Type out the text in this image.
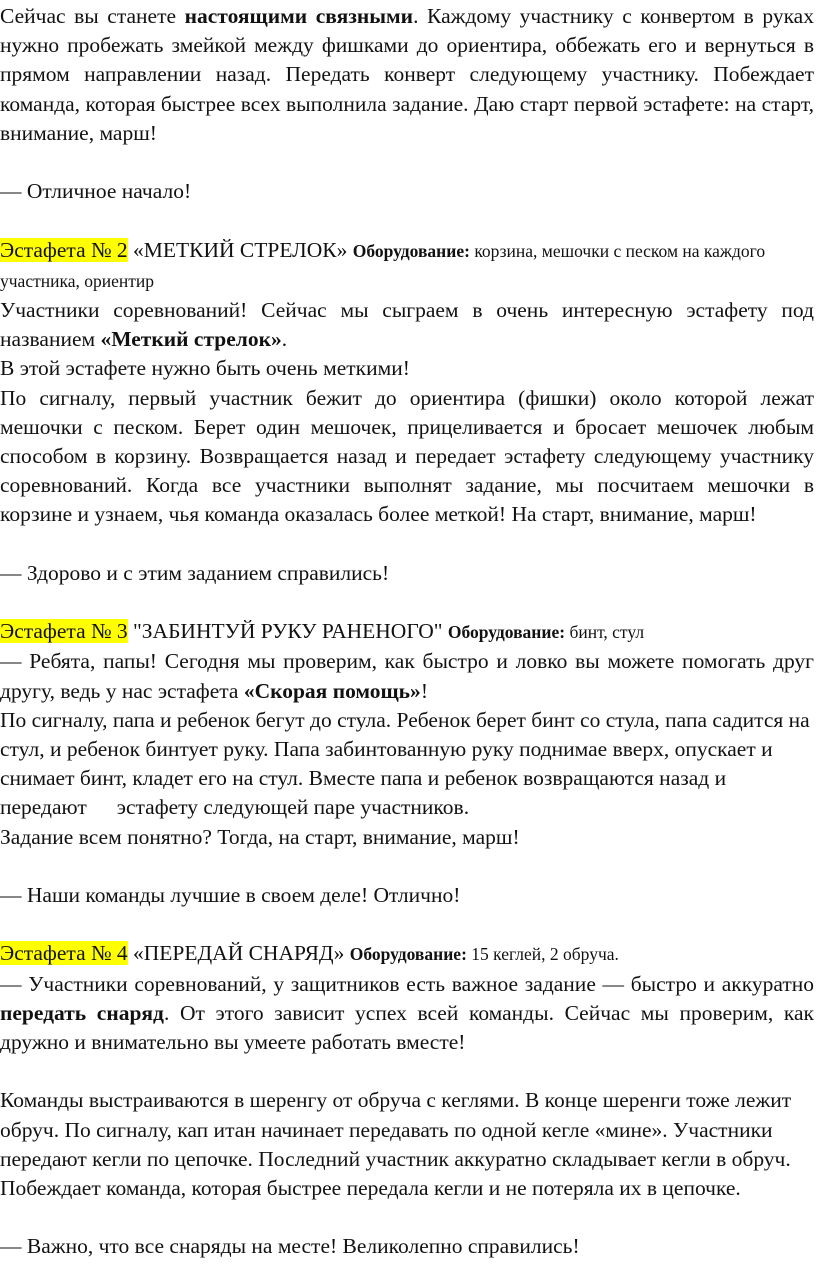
Сейчас вы станете настоящими связными. Каждому участнику с конвертом в руках нужно пробежать змейкой между фишками до ориентира, оббежать его и вернуться в прямом направлении назад. Передать конверт следующему участнику. Побеждает команда, которая быстрее всех выполнила задание. Даю старт первой эстафете: на старт, внимание, марш!

— Отличное начало!

Эстафета № 2 «МЕТКИЙ СТРЕЛОК» Оборудование: корзина, мешочки с песком на каждого участника, ориентир

Участники соревнований! Сейчас мы сыграем в очень интересную эстафету под названием «Меткий стрелок».

В этой эстафете нужно быть очень меткими!

По сигналу, первый участник бежит до ориентира (фишки) около которой лежат мешочки с песком. Берет один мешочек, прицеливается и бросает мешочек любым способом в корзину. Возвращается назад и передает эстафету следующему участнику соревнований. Когда все участники выполнят задание, мы посчитаем мешочки в корзине и узнаем, чья команда оказалась более меткой! На старт, внимание, марш!

— Здорово и с этим заданием справились!

Эстафета № 3 "ЗАБИНТУЙ РУКУ РАНЕНОГО" Оборудование: бинт, стул

— Ребята, папы! Сегодня мы проверим, как быстро и ловко вы можете помогать друг другу, ведь у нас эстафета «Скорая помощь»!

По сигналу, папа и ребенок бегут до стула. Ребенок берет бинт со стула, папа садится на стул, и ребенок бинтует руку. Папа забинтованную руку поднимае вверх, опускает и снимает бинт, кладет его на стул. Вместе папа и ребенок возвращаются назад и передают эстафету следующей паре участников.
Задание всем понятно? Тогда, на старт, внимание, марш!

— Наши команды лучшие в своем деле! Отлично!

Эстафета № 4 «ПЕРЕДАЙ СНАРЯД» Оборудование: 15 кеглей, 2 обруча.

— Участники соревнований, у защитников есть важное задание — быстро и аккуратно передать снаряд. От этого зависит успех всей команды. Сейчас мы проверим, как дружно и внимательно вы умеете работать вместе!

Команды выстраиваются в шеренгу от обруча с кеглями. В конце шеренги тоже лежит обруч. По сигналу, кап итан начинает передавать по одной кегле «мине». Участники передают кегли по цепочке. Последний участник аккуратно складывает кегли в обруч. Побеждает команда, которая быстрее передала кегли и не потеряла их в цепочке.

— Важно, что все снаряды на месте! Великолепно справились!
